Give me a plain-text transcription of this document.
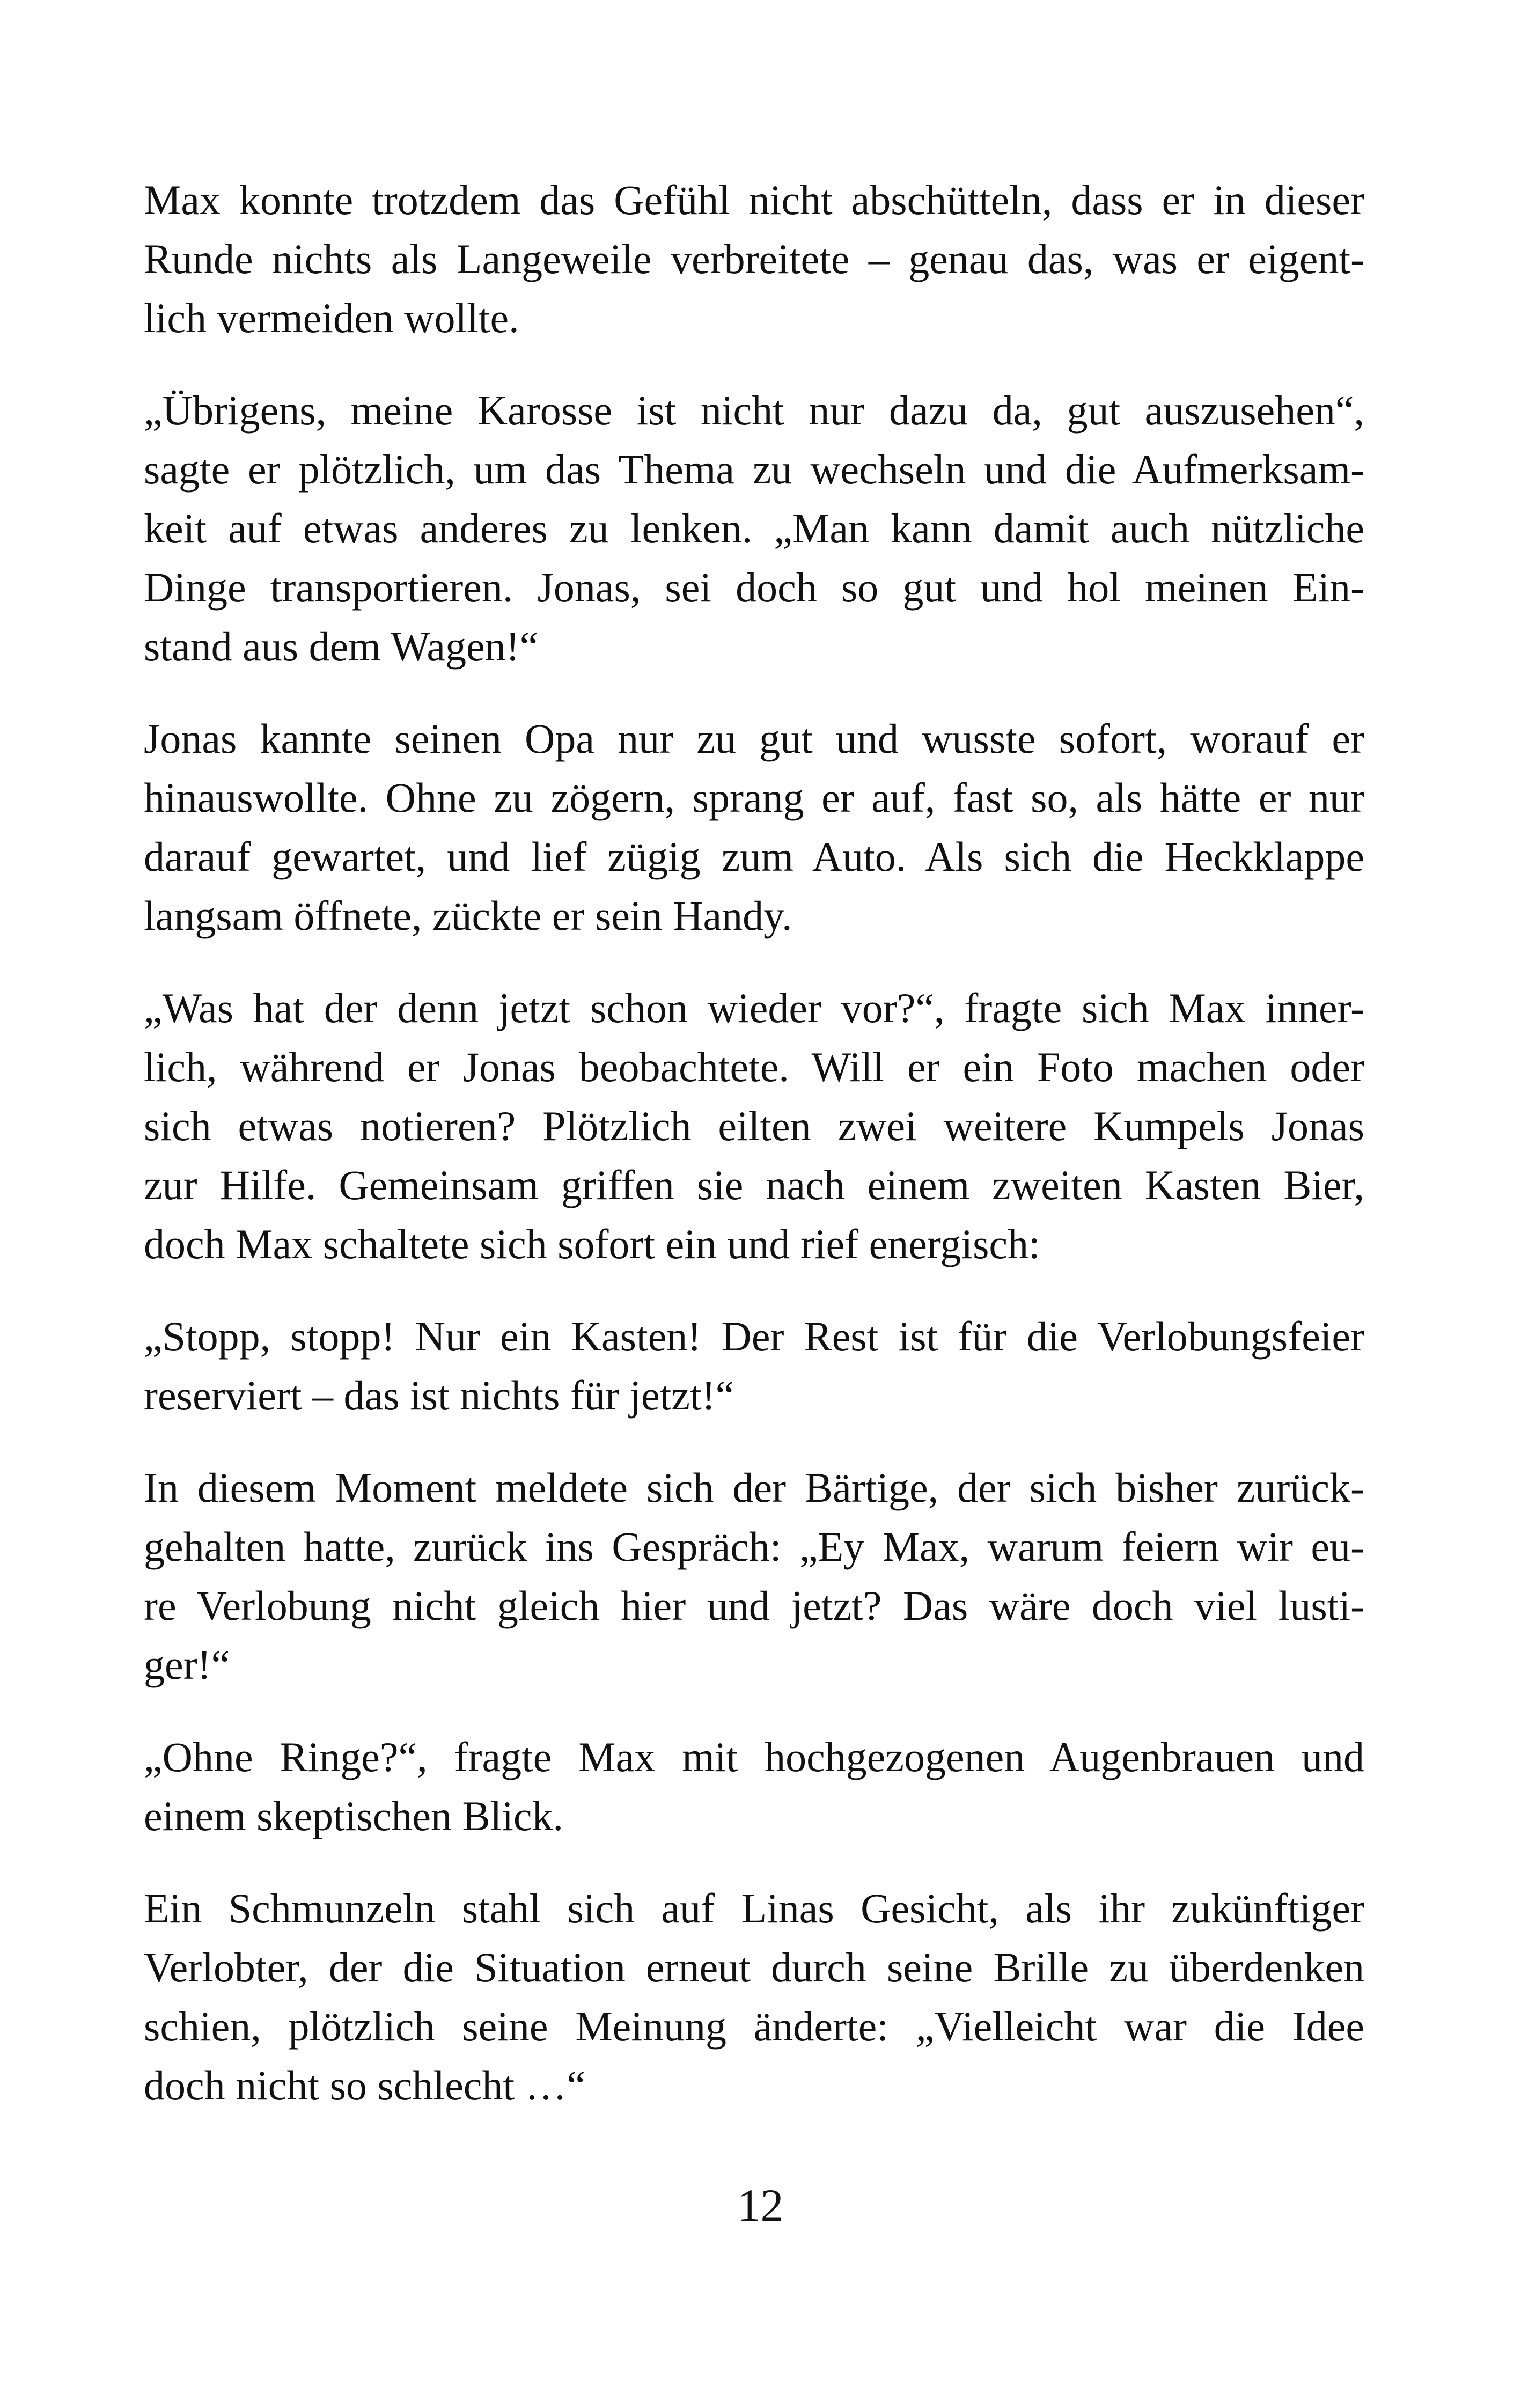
Max konnte trotzdem das Gefühl nicht abschütteln, dass er in dieser
Runde nichts als Langeweile verbreitete – genau das, was er eigent-
lich vermeiden wollte.

„Übrigens, meine Karosse ist nicht nur dazu da, gut auszusehen“,
sagte er plötzlich, um das Thema zu wechseln und die Aufmerksam-
keit auf etwas anderes zu lenken. „Man kann damit auch nützliche
Dinge transportieren. Jonas, sei doch so gut und hol meinen Ein-
stand aus dem Wagen!“

Jonas kannte seinen Opa nur zu gut und wusste sofort, worauf er
hinauswollte. Ohne zu zögern, sprang er auf, fast so, als hätte er nur
darauf gewartet, und lief zügig zum Auto. Als sich die Heckklappe
langsam öffnete, zückte er sein Handy.

„Was hat der denn jetzt schon wieder vor?“, fragte sich Max inner-
lich, während er Jonas beobachtete. Will er ein Foto machen oder
sich etwas notieren? Plötzlich eilten zwei weitere Kumpels Jonas
zur Hilfe. Gemeinsam griffen sie nach einem zweiten Kasten Bier,
doch Max schaltete sich sofort ein und rief energisch:

„Stopp, stopp! Nur ein Kasten! Der Rest ist für die Verlobungsfeier
reserviert – das ist nichts für jetzt!“

In diesem Moment meldete sich der Bärtige, der sich bisher zurück-
gehalten hatte, zurück ins Gespräch: „Ey Max, warum feiern wir eu-
re Verlobung nicht gleich hier und jetzt? Das wäre doch viel lusti-
ger!“

„Ohne Ringe?“, fragte Max mit hochgezogenen Augenbrauen und
einem skeptischen Blick.

Ein Schmunzeln stahl sich auf Linas Gesicht, als ihr zukünftiger
Verlobter, der die Situation erneut durch seine Brille zu überdenken
schien, plötzlich seine Meinung änderte: „Vielleicht war die Idee
doch nicht so schlecht …“

12
